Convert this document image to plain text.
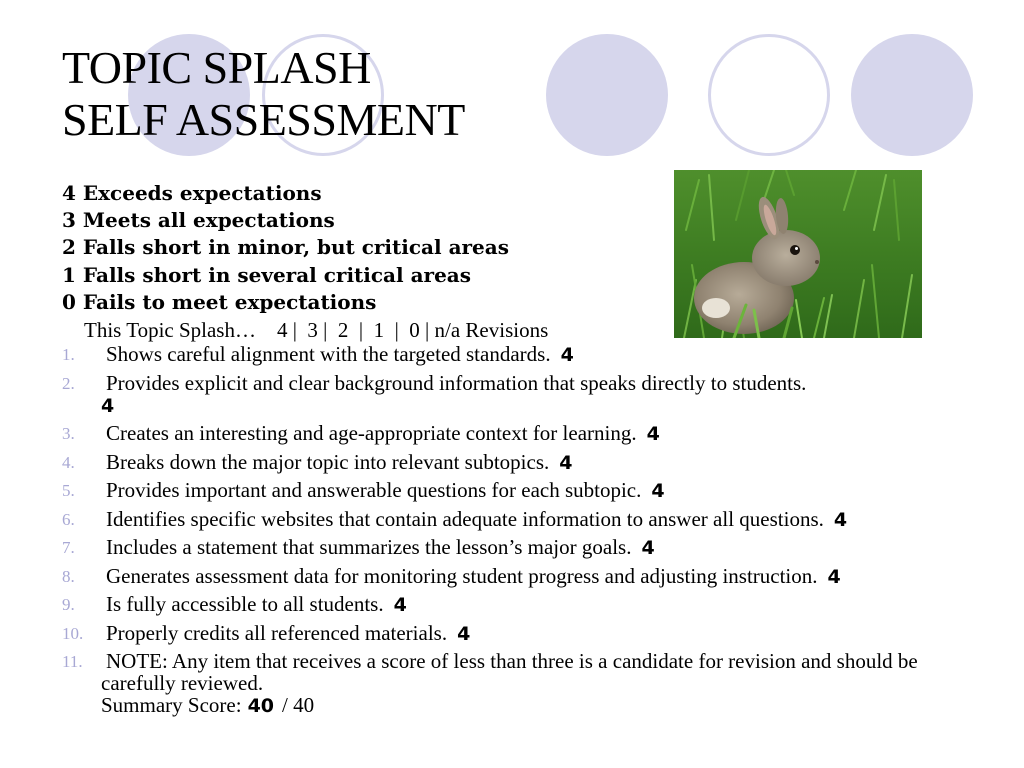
TOPIC SPLASH
SELF ASSESSMENT
4 Exceeds expectations
3 Meets all expectations
2 Falls short in minor, but critical areas
1 Falls short in several critical areas
0 Fails to meet expectations
This Topic Splash…    4 |  3 |  2  |  1  |  0 | n/a Revisions
1. Shows careful alignment with the targeted standards. 4
2. Provides explicit and clear background information that speaks directly to students.
4
3. Creates an interesting and age-appropriate context for learning. 4
4. Breaks down the major topic into relevant subtopics. 4
5. Provides important and answerable questions for each subtopic. 4
6. Identifies specific websites that contain adequate information to answer all questions. 4
7. Includes a statement that summarizes the lesson’s major goals. 4
8. Generates assessment data for monitoring student progress and adjusting instruction. 4
9. Is fully accessible to all students. 4
10. Properly credits all referenced materials. 4
11. NOTE: Any item that receives a score of less than three is a candidate for revision and should be carefully reviewed.
Summary Score: 40 / 40
